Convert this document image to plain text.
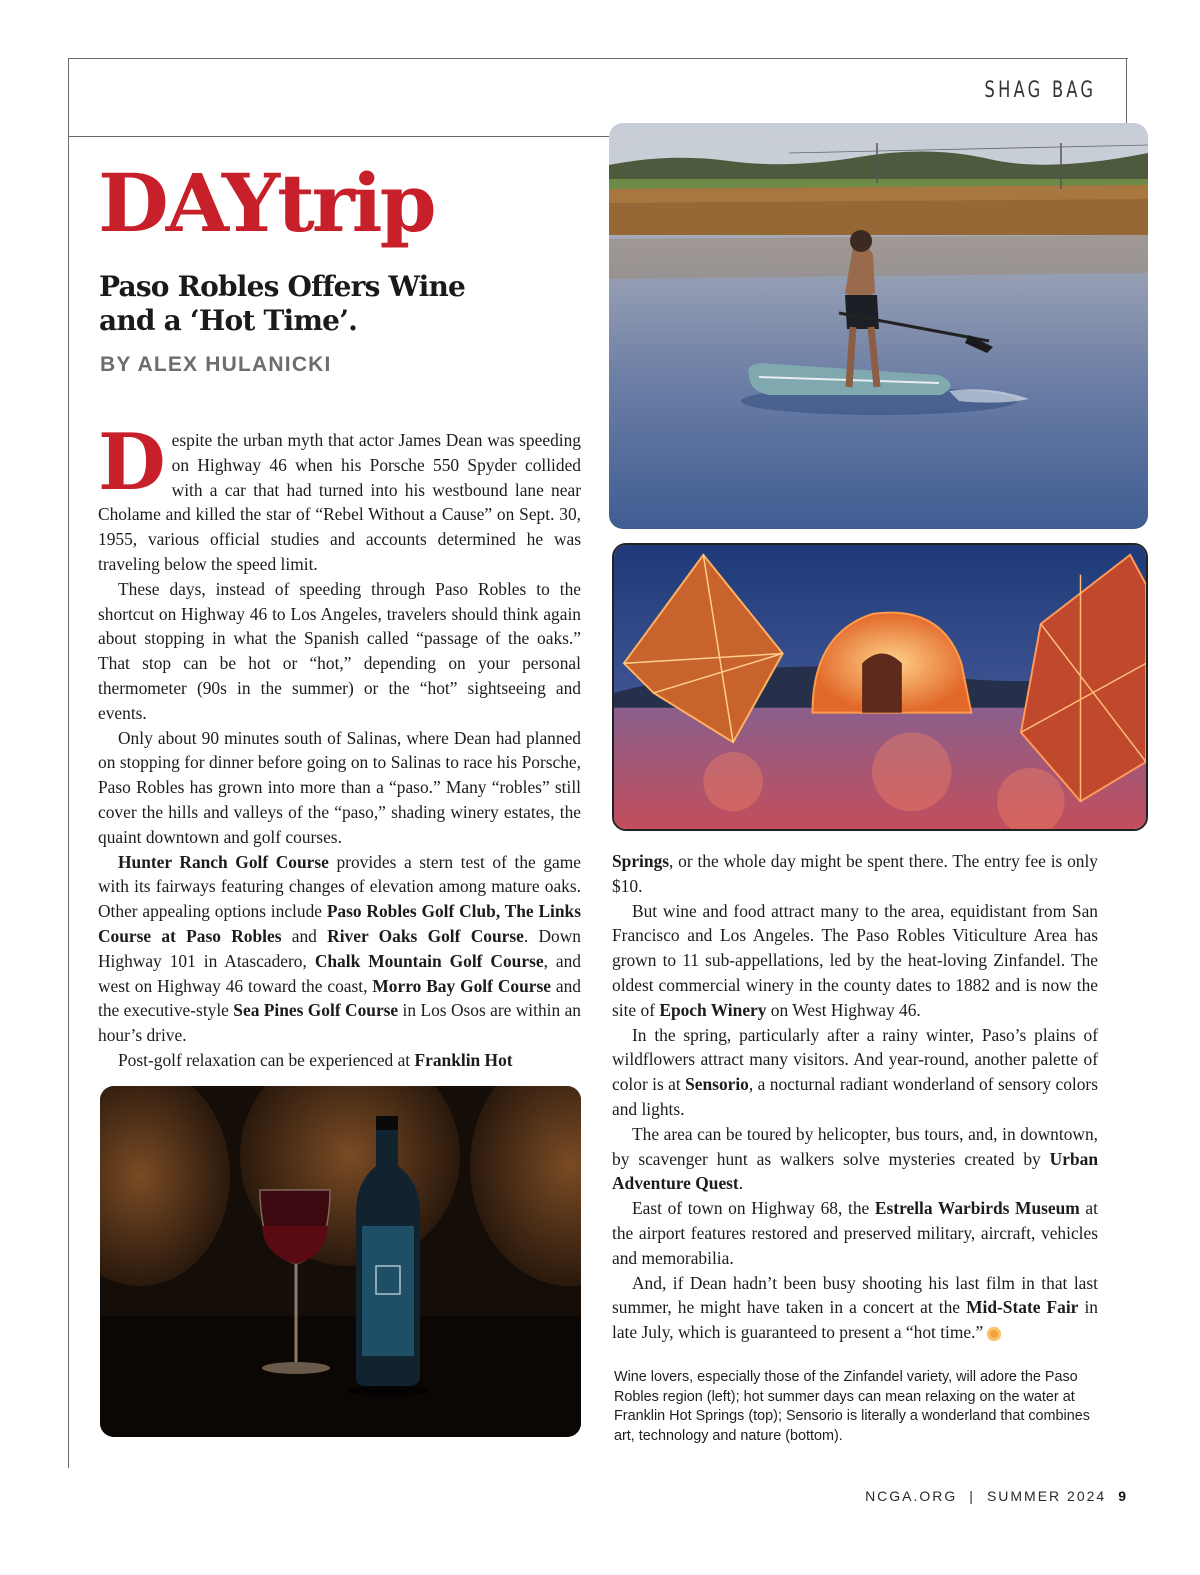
SHAG BAG
DAYtrip
Paso Robles Offers Wine and a ‘Hot Time’.
BY ALEX HULANICKI

Despite the urban myth that actor James Dean was speeding on Highway 46 when his Porsche 550 Spyder collided with a car that had turned into his westbound lane near Cholame and killed the star of “Rebel Without a Cause” on Sept. 30, 1955, various official studies and accounts determined he was traveling below the speed limit.

These days, instead of speeding through Paso Robles to the shortcut on Highway 46 to Los Angeles, travelers should think again about stopping in what the Spanish called “passage of the oaks.” That stop can be hot or “hot,” depending on your personal thermometer (90s in the summer) or the “hot” sightseeing and events.

Only about 90 minutes south of Salinas, where Dean had planned on stopping for dinner before going on to Salinas to race his Porsche, Paso Robles has grown into more than a “paso.” Many “robles” still cover the hills and valleys of the “paso,” shading winery estates, the quaint downtown and golf courses.

Hunter Ranch Golf Course provides a stern test of the game with its fairways featuring changes of elevation among mature oaks. Other appealing options include Paso Robles Golf Club, The Links Course at Paso Robles and River Oaks Golf Course. Down Highway 101 in Atascadero, Chalk Mountain Golf Course, and west on Highway 46 toward the coast, Morro Bay Golf Course and the executive-style Sea Pines Golf Course in Los Osos are within an hour’s drive.

Post-golf relaxation can be experienced at Franklin Hot

Springs, or the whole day might be spent there. The entry fee is only $10.

But wine and food attract many to the area, equidistant from San Francisco and Los Angeles. The Paso Robles Viticulture Area has grown to 11 sub-appellations, led by the heat-loving Zinfandel. The oldest commercial winery in the county dates to 1882 and is now the site of Epoch Winery on West Highway 46.

In the spring, particularly after a rainy winter, Paso’s plains of wildflowers attract many visitors. And year-round, another palette of color is at Sensorio, a nocturnal radiant wonderland of sensory colors and lights.

The area can be toured by helicopter, bus tours, and, in downtown, by scavenger hunt as walkers solve mysteries created by Urban Adventure Quest.

East of town on Highway 68, the Estrella Warbirds Museum at the airport features restored and preserved military, aircraft, vehicles and memorabilia.

And, if Dean hadn’t been busy shooting his last film in that last summer, he might have taken in a concert at the Mid-State Fair in late July, which is guaranteed to present a “hot time.”

Wine lovers, especially those of the Zinfandel variety, will adore the Paso Robles region (left); hot summer days can mean relaxing on the water at Franklin Hot Springs (top); Sensorio is literally a wonderland that combines art, technology and nature (bottom).
NCGA.ORG | SUMMER 2024 9
